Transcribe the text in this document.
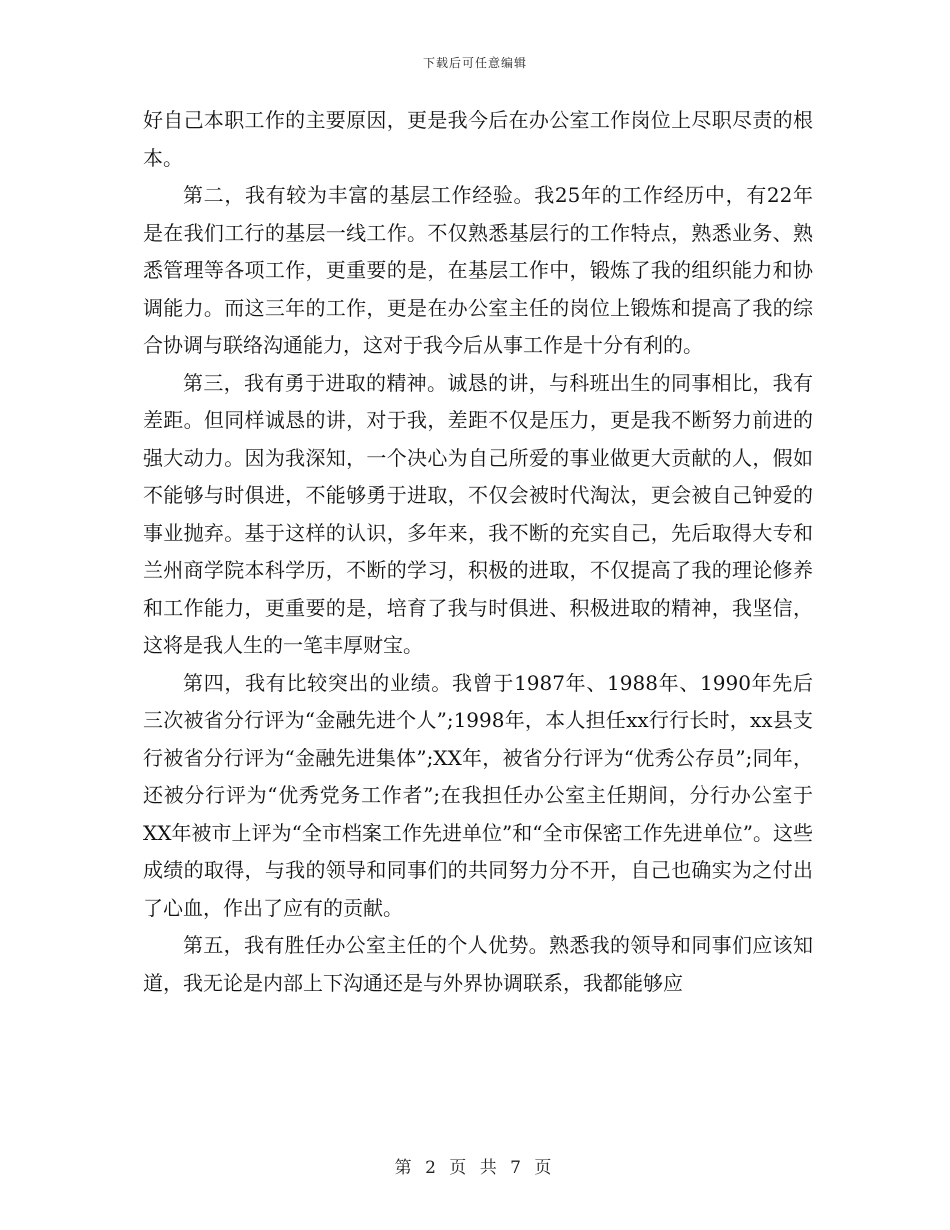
下载后可任意编辑

好自己本职工作的主要原因，更是我今后在办公室工作岗位上尽职尽责的根本。

第二，我有较为丰富的基层工作经验。我25年的工作经历中，有22年是在我们工行的基层一线工作。不仅熟悉基层行的工作特点，熟悉业务、熟悉管理等各项工作，更重要的是，在基层工作中，锻炼了我的组织能力和协调能力。而这三年的工作，更是在办公室主任的岗位上锻炼和提高了我的综合协调与联络沟通能力，这对于我今后从事工作是十分有利的。

第三，我有勇于进取的精神。诚恳的讲，与科班出生的同事相比，我有差距。但同样诚恳的讲，对于我，差距不仅是压力，更是我不断努力前进的强大动力。因为我深知，一个决心为自己所爱的事业做更大贡献的人，假如不能够与时俱进，不能够勇于进取，不仅会被时代淘汰，更会被自己钟爱的事业抛弃。基于这样的认识，多年来，我不断的充实自己，先后取得大专和兰州商学院本科学历，不断的学习，积极的进取，不仅提高了我的理论修养和工作能力，更重要的是，培育了我与时俱进、积极进取的精神，我坚信，这将是我人生的一笔丰厚财宝。

第四，我有比较突出的业绩。我曾于1987年、1988年、1990年先后三次被省分行评为“金融先进个人”;1998年，本人担任xx行行长时，xx县支行被省分行评为“金融先进集体”;XX年，被省分行评为“优秀公存员”;同年，还被分行评为“优秀党务工作者”;在我担任办公室主任期间，分行办公室于XX年被市上评为“全市档案工作先进单位”和“全市保密工作先进单位”。这些成绩的取得，与我的领导和同事们的共同努力分不开，自己也确实为之付出了心血，作出了应有的贡献。

第五，我有胜任办公室主任的个人优势。熟悉我的领导和同事们应该知道，我无论是内部上下沟通还是与外界协调联系，我都能够应

第 2 页 共 7 页
